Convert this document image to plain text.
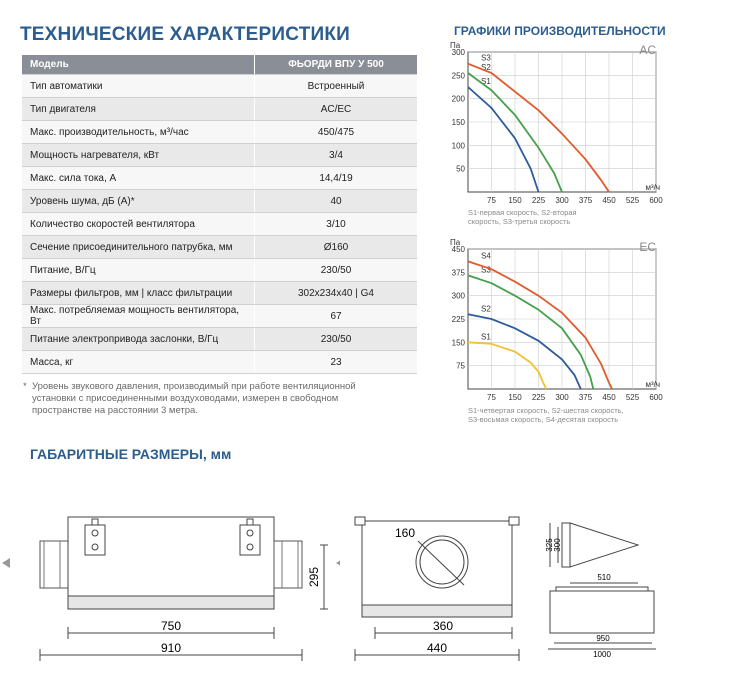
ТЕХНИЧЕСКИЕ ХАРАКТЕРИСТИКИ
Модель	ФЬОРДИ ВПУ У 500
Тип автоматики	Встроенный
Тип двигателя	AC/EC
Макс. производительность, м³/час	450/475
Мощность нагревателя, кВт	3/4
Макс. сила тока, А	14,4/19
Уровень шума, дБ (А)*	40
Количество скоростей вентилятора	3/10
Сечение присоединительного патрубка, мм	Ø160
Питание, В/Гц	230/50
Размеры фильтров, мм | класс фильтрации	302x234x40 | G4
Макс. потребляемая мощность вентилятора, Вт	67
Питание электропривода заслонки, В/Гц	230/50
Масса, кг	23
* Уровень звукового давления, производимый при работе вентиляционной установки с присоединенными воздуховодами, измерен в свободном пространстве на расстоянии 3 метра.
ГРАФИКИ ПРОИЗВОДИТЕЛЬНОСТИ
300
250
200
150
100
50
75 150 225 300 375 450 525 600
Па
м³/ч
AC
S1
S2
S3
S1-первая скорость, S2-вторая скорость, S3-третья скорость
450
375
300
225
150
75
75 150 225 300 375 450 525 600
Па
м³/ч
EC
S1
S2
S3
S4
S1-четвертая скорость, S2-шестая скорость, S3-восьмая скорость, S4-десятая скорость
ГАБАРИТНЫЕ РАЗМЕРЫ, мм
295
750
910
160
360
440
325 300
510
950
1000
